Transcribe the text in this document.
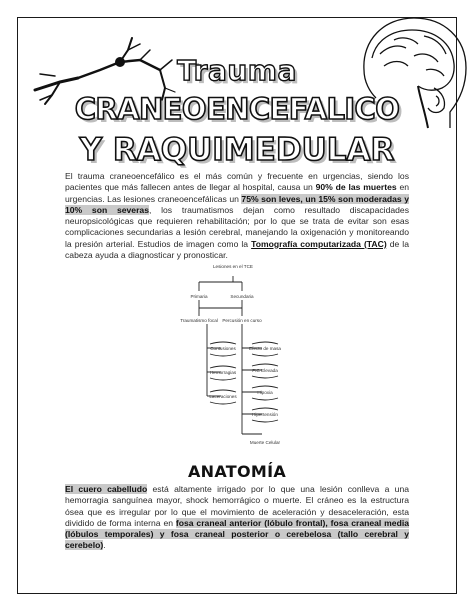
Trauma
CRANEOENCEFALICO
Y RAQUIMEDULAR

El trauma craneoencefálico es el más común y frecuente en urgencias, siendo los pacientes que más fallecen antes de llegar al hospital, causa un 90% de las muertes en urgencias. Las lesiones craneoencefálicas un 75% son leves, un 15% son moderadas y 10% son severas, los traumatismos dejan como resultado discapacidades neuropsicológicas que requieren rehabilitación; por lo que se trata de evitar son esas complicaciones secundarias a lesión cerebral, manejando la oxigenación y monitoreando la presión arterial. Estudios de imagen como la Tomografía computarizada (TAC) de la cabeza ayuda a diagnosticar y pronosticar.

Lesiones en el TCE
Primaria	Secundaria
Traumatismo focal Percusión en curso
Contusiones
Hemorragias
Laceraciones
Efecto de masa
PIC Elevada
Hipoxia
Hipertensión
Muerte Celular
ANATOMÍA

El cuero cabelludo está altamente irrigado por lo que una lesión conlleva a una hemorragia sanguínea mayor, shock hemorrágico o muerte. El cráneo es la estructura ósea que es irregular por lo que el movimiento de aceleración y desaceleración, esta dividido de forma interna en fosa craneal anterior (lóbulo frontal), fosa craneal media (lóbulos temporales) y fosa craneal posterior o cerebelosa (tallo cerebral y cerebelo).
